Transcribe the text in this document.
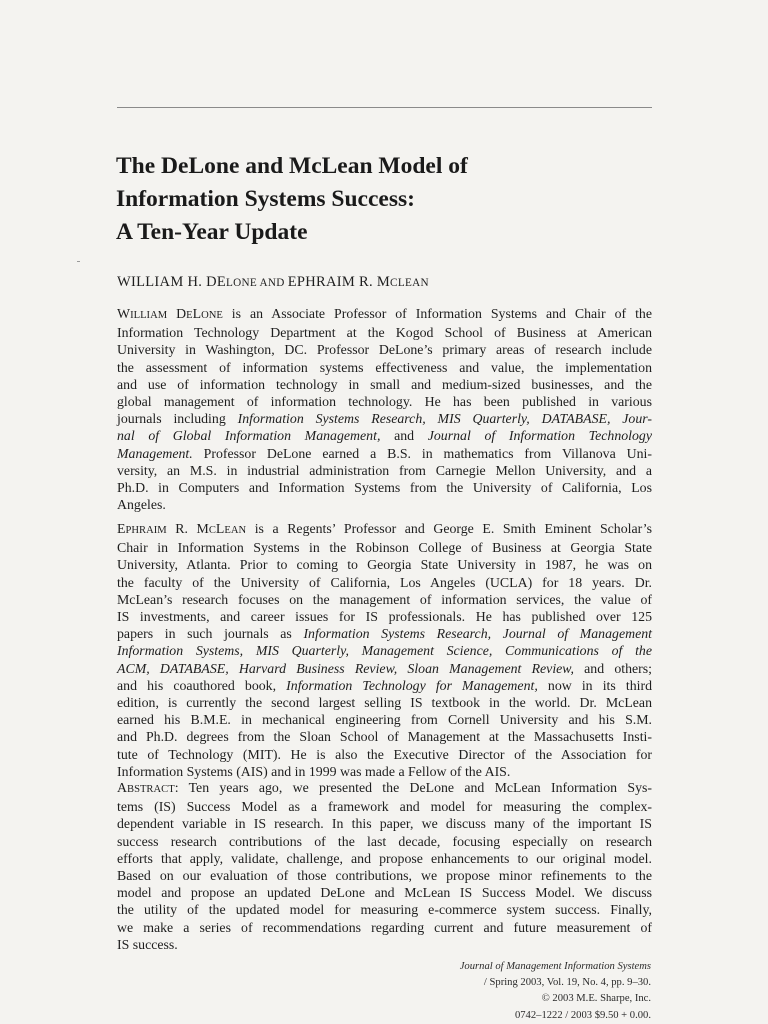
The DeLone and McLean Model of
Information Systems Success:
A Ten-Year Update
WILLIAM H. DELONE AND EPHRAIM R. MCLEAN
WILLIAM DELONE is an Associate Professor of Information Systems and Chair of the
Information Technology Department at the Kogod School of Business at American
University in Washington, DC. Professor DeLone’s primary areas of research include
the assessment of information systems effectiveness and value, the implementation
and use of information technology in small and medium-sized businesses, and the
global management of information technology. He has been published in various
journals including Information Systems Research, MIS Quarterly, DATABASE, Jour-
nal of Global Information Management, and Journal of Information Technology
Management. Professor DeLone earned a B.S. in mathematics from Villanova Uni-
versity, an M.S. in industrial administration from Carnegie Mellon University, and a
Ph.D. in Computers and Information Systems from the University of California, Los
Angeles.
EPHRAIM R. MCLEAN is a Regents’ Professor and George E. Smith Eminent Scholar’s
Chair in Information Systems in the Robinson College of Business at Georgia State
University, Atlanta. Prior to coming to Georgia State University in 1987, he was on
the faculty of the University of California, Los Angeles (UCLA) for 18 years. Dr.
McLean’s research focuses on the management of information services, the value of
IS investments, and career issues for IS professionals. He has published over 125
papers in such journals as Information Systems Research, Journal of Management
Information Systems, MIS Quarterly, Management Science, Communications of the
ACM, DATABASE, Harvard Business Review, Sloan Management Review, and others;
and his coauthored book, Information Technology for Management, now in its third
edition, is currently the second largest selling IS textbook in the world. Dr. McLean
earned his B.M.E. in mechanical engineering from Cornell University and his S.M.
and Ph.D. degrees from the Sloan School of Management at the Massachusetts Insti-
tute of Technology (MIT). He is also the Executive Director of the Association for
Information Systems (AIS) and in 1999 was made a Fellow of the AIS.
ABSTRACT: Ten years ago, we presented the DeLone and McLean Information Sys-
tems (IS) Success Model as a framework and model for measuring the complex-
dependent variable in IS research. In this paper, we discuss many of the important IS
success research contributions of the last decade, focusing especially on research
efforts that apply, validate, challenge, and propose enhancements to our original model.
Based on our evaluation of those contributions, we propose minor refinements to the
model and propose an updated DeLone and McLean IS Success Model. We discuss
the utility of the updated model for measuring e-commerce system success. Finally,
we make a series of recommendations regarding current and future measurement of
IS success.
Journal of Management Information Systems
/ Spring 2003, Vol. 19, No. 4, pp. 9–30.
© 2003 M.E. Sharpe, Inc.
0742–1222 / 2003 $9.50 + 0.00.
